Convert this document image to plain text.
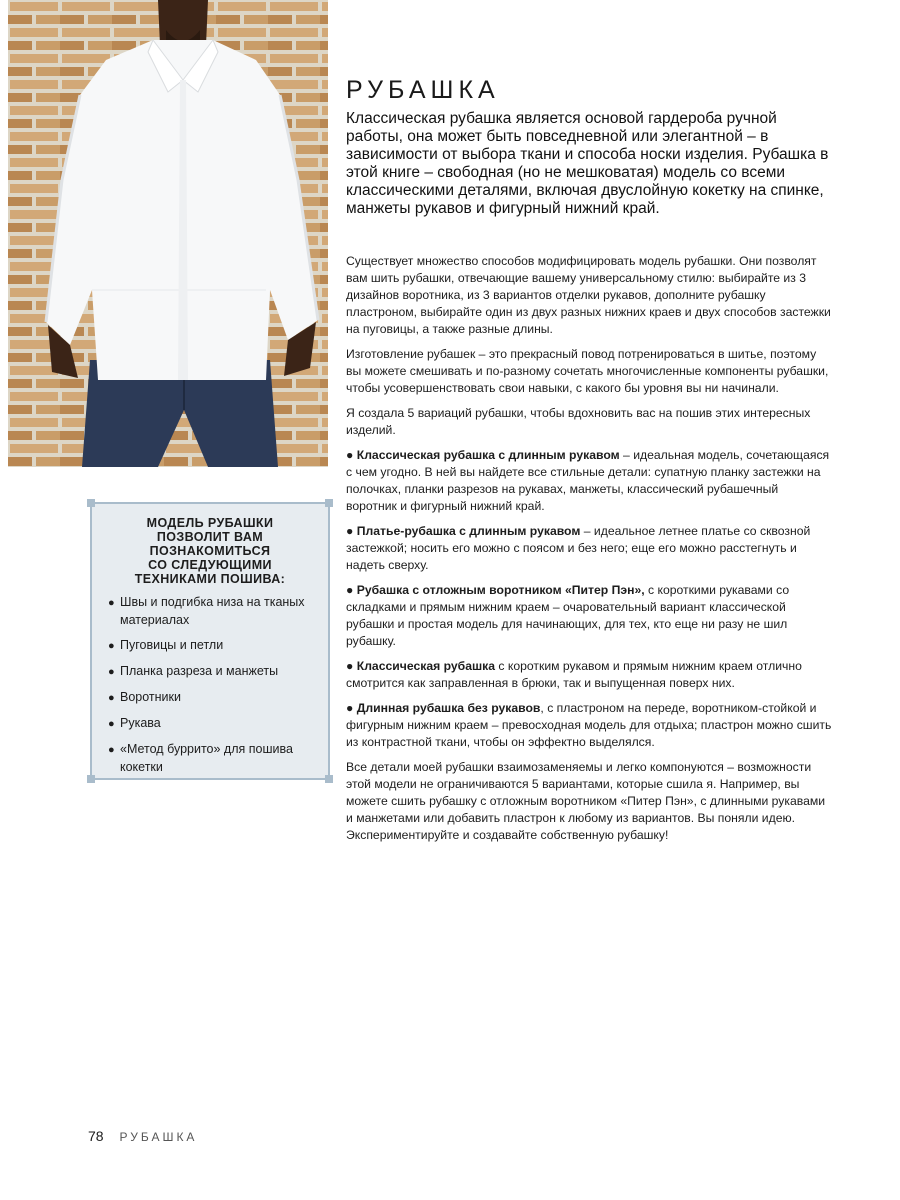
МОДЕЛЬ РУБАШКИ
ПОЗВОЛИТ ВАМ
ПОЗНАКОМИТЬСЯ
СО СЛЕДУЮЩИМИ
ТЕХНИКАМИ ПОШИВА:
● Швы и подгибка низа на тканых материалах
● Пуговицы и петли
● Планка разреза и манжеты
● Воротники
● Рукава
● «Метод буррито» для пошива кокетки
РУБАШКА

Классическая рубашка является основой гардероба ручной работы, она может быть повседневной или элегантной – в зависимости от выбора ткани и способа носки изделия. Рубашка в этой книге – свободная (но не мешковатая) модель со всеми классическими деталями, включая двуслойную кокетку на спинке, манжеты рукавов и фигурный нижний край.

Существует множество способов модифицировать модель рубашки. Они позволят вам шить рубашки, отвечающие вашему универсальному стилю: выбирайте из 3 дизайнов воротника, из 3 вариантов отделки рукавов, дополните рубашку пластроном, выбирайте один из двух разных нижних краев и двух способов застежки на пуговицы, а также разные длины.

Изготовление рубашек – это прекрасный повод потренироваться в шитье, поэтому вы можете смешивать и по-разному сочетать многочисленные компоненты рубашки, чтобы усовершенствовать свои навыки, с какого бы уровня вы ни начинали.

Я создала 5 вариаций рубашки, чтобы вдохновить вас на пошив этих интересных изделий.

● Классическая рубашка с длинным рукавом – идеальная модель, сочетающаяся с чем угодно. В ней вы найдете все стильные детали: супатную планку застежки на полочках, планки разрезов на рукавах, манжеты, классический рубашечный воротник и фигурный нижний край.
● Платье-рубашка с длинным рукавом – идеальное летнее платье со сквозной застежкой; носить его можно с поясом и без него; еще его можно расстегнуть и надеть сверху.
● Рубашка с отложным воротником «Питер Пэн», с короткими рукавами со складками и прямым нижним краем – очаровательный вариант классической рубашки и простая модель для начинающих, для тех, кто еще ни разу не шил рубашку.
● Классическая рубашка с коротким рукавом и прямым нижним краем отлично смотрится как заправленная в брюки, так и выпущенная поверх них.
● Длинная рубашка без рукавов, с пластроном на переде, воротником-стойкой и фигурным нижним краем – превосходная модель для отдыха; пластрон можно сшить из контрастной ткани, чтобы он эффектно выделялся.

Все детали моей рубашки взаимозаменяемы и легко компонуются – возможности этой модели не ограничиваются 5 вариантами, которые сшила я. Например, вы можете сшить рубашку с отложным воротником «Питер Пэн», с длинными рукавами и манжетами или добавить пластрон к любому из вариантов. Вы поняли идею. Экспериментируйте и создавайте собственную рубашку!

78 РУБАШКА
